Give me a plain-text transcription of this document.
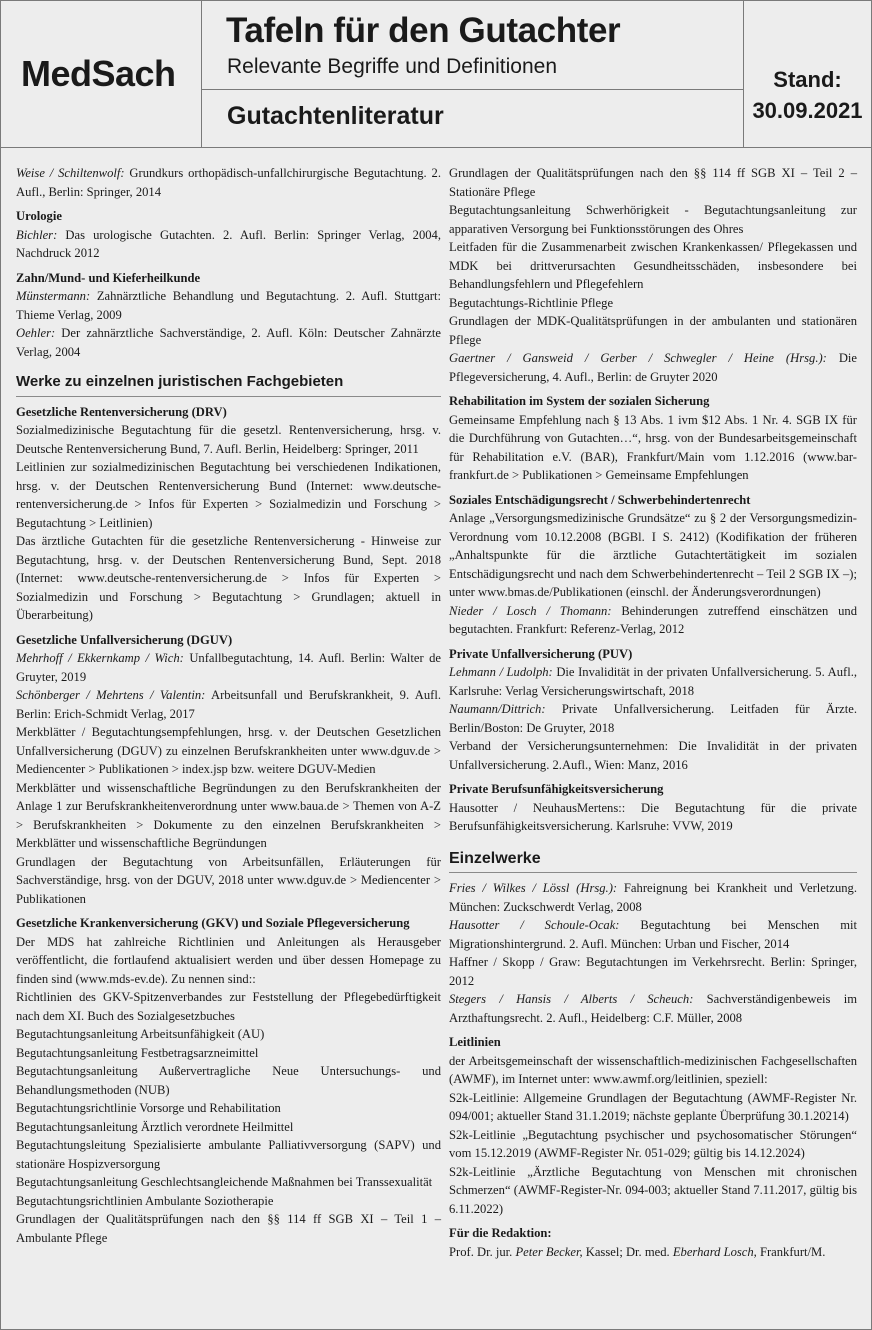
MedSach
Tafeln für den Gutachter
Relevante Begriffe und Definitionen
Gutachtenliteratur
Stand:
30.09.2021

Weise / Schiltenwolf: Grundkurs orthopädisch-unfallchirurgische Begutachtung. 2. Aufl., Berlin: Springer, 2014

Urologie

Bichler: Das urologische Gutachten. 2. Aufl. Berlin: Springer Verlag, 2004, Nachdruck 2012

Zahn/Mund- und Kieferheilkunde

Münstermann: Zahnärztliche Behandlung und Begutachtung. 2. Aufl. Stuttgart: Thieme Verlag, 2009

Oehler: Der zahnärztliche Sachverständige, 2. Aufl. Köln: Deutscher Zahnärzte Verlag, 2004

Werke zu einzelnen juristischen Fachgebieten

Gesetzliche Rentenversicherung (DRV)

Sozialmedizinische Begutachtung für die gesetzl. Rentenversicherung, hrsg. v. Deutsche Rentenversicherung Bund, 7. Aufl. Berlin, Heidelberg: Springer, 2011

Leitlinien zur sozialmedizinischen Begutachtung bei verschiedenen Indikationen, hrsg. v. der Deutschen Rentenversicherung Bund (Internet: www.deutsche-rentenversicherung.de > Infos für Experten > Sozialmedizin und Forschung > Begutachtung > Leitlinien)

Das ärztliche Gutachten für die gesetzliche Rentenversicherung - Hinweise zur Begutachtung, hrsg. v. der Deutschen Rentenversicherung Bund, Sept. 2018 (Internet: www.deutsche-rentenversicherung.de > Infos für Experten > Sozialmedizin und Forschung > Begutachtung > Grundlagen; aktuell in Überarbeitung)

Gesetzliche Unfallversicherung (DGUV)

Mehrhoff / Ekkernkamp / Wich: Unfallbegutachtung, 14. Aufl. Berlin: Walter de Gruyter, 2019

Schönberger / Mehrtens / Valentin: Arbeitsunfall und Berufskrankheit, 9. Aufl. Berlin: Erich-Schmidt Verlag, 2017

Merkblätter / Begutachtungsempfehlungen, hrsg. v. der Deutschen Gesetzlichen Unfallversicherung (DGUV) zu einzelnen Berufskrankheiten unter www.dguv.de > Mediencenter > Publikationen > index.jsp bzw. weitere DGUV-Medien

Merkblätter und wissenschaftliche Begründungen zu den Berufskrankheiten der Anlage 1 zur Berufskrankheitenverordnung unter www.baua.de > Themen von A-Z > Berufskrankheiten > Dokumente zu den einzelnen Berufskrankheiten > Merkblätter und wissenschaftliche Begründungen

Grundlagen der Begutachtung von Arbeitsunfällen, Erläuterungen für Sachverständige, hrsg. von der DGUV, 2018 unter www.dguv.de > Mediencenter > Publikationen

Gesetzliche Krankenversicherung (GKV) und Soziale Pflegeversicherung

Der MDS hat zahlreiche Richtlinien und Anleitungen als Herausgeber veröffentlicht, die fortlaufend aktualisiert werden und über dessen Homepage zu finden sind (www.mds-ev.de). Zu nennen sind::

Richtlinien des GKV-Spitzenverbandes zur Feststellung der Pflegebedürftigkeit nach dem XI. Buch des Sozialgesetzbuches

Begutachtungsanleitung Arbeitsunfähigkeit (AU)

Begutachtungsanleitung Festbetragsarzneimittel

Begutachtungsanleitung Außervertragliche Neue Untersuchungs- und Behandlungsmethoden (NUB)

Begutachtungsrichtlinie Vorsorge und Rehabilitation

Begutachtungsanleitung Ärztlich verordnete Heilmittel

Begutachtungsleitung Spezialisierte ambulante Palliativversorgung (SAPV) und stationäre Hospizversorgung

Begutachtungsanleitung Geschlechtsangleichende Maßnahmen bei Transsexualität

Begutachtungsrichtlinien Ambulante Soziotherapie

Grundlagen der Qualitätsprüfungen nach den §§ 114 ff SGB XI – Teil 1 – Ambulante Pflege

Grundlagen der Qualitätsprüfungen nach den §§ 114 ff SGB XI – Teil 2 – Stationäre Pflege

Begutachtungsanleitung Schwerhörigkeit - Begutachtungsanleitung zur apparativen Versorgung bei Funktionsstörungen des Ohres

Leitfaden für die Zusammenarbeit zwischen Krankenkassen/ Pflegekassen und MDK bei drittverursachten Gesundheitsschäden, insbesondere bei Behandlungsfehlern und Pflegefehlern

Begutachtungs-Richtlinie Pflege

Grundlagen der MDK-Qualitätsprüfungen in der ambulanten und stationären Pflege

Gaertner / Gansweid / Gerber / Schwegler / Heine (Hrsg.): Die Pflegeversicherung, 4. Aufl., Berlin: de Gruyter 2020

Rehabilitation im System der sozialen Sicherung

Gemeinsame Empfehlung nach § 13 Abs. 1 ivm $12 Abs. 1 Nr. 4. SGB IX für die Durchführung von Gutachten…“, hrsg. von der Bundesarbeitsgemeinschaft für Rehabilitation e.V. (BAR), Frankfurt/Main vom 1.12.2016 (www.bar-frankfurt.de > Publikationen > Gemeinsame Empfehlungen

Soziales Entschädigungsrecht / Schwerbehindertenrecht

Anlage „Versorgungsmedizinische Grundsätze“ zu § 2 der Versorgungsmedizin-Verordnung vom 10.12.2008 (BGBl. I S. 2412) (Kodifikation der früheren „Anhaltspunkte für die ärztliche Gutachtertätigkeit im sozialen Entschädigungsrecht und nach dem Schwerbehindertenrecht – Teil 2 SGB IX –); unter www.bmas.de/Publikationen (einschl. der Änderungsverordnungen)

Nieder / Losch / Thomann: Behinderungen zutreffend einschätzen und begutachten. Frankfurt: Referenz-Verlag, 2012

Private Unfallversicherung (PUV)

Lehmann / Ludolph: Die Invalidität in der privaten Unfallversicherung. 5. Aufl., Karlsruhe: Verlag Versicherungswirtschaft, 2018

Naumann/Dittrich: Private Unfallversicherung. Leitfaden für Ärzte. Berlin/Boston: De Gruyter, 2018

Verband der Versicherungsunternehmen: Die Invalidität in der privaten Unfallversicherung. 2.Aufl., Wien: Manz, 2016

Private Berufsunfähigkeitsversicherung

Hausotter / NeuhausMertens:: Die Begutachtung für die private Berufsunfähigkeitsversicherung. Karlsruhe: VVW, 2019

Einzelwerke

Fries / Wilkes / Lössl (Hrsg.): Fahreignung bei Krankheit und Verletzung. München: Zuckschwerdt Verlag, 2008

Hausotter / Schoule-Ocak: Begutachtung bei Menschen mit Migrationshintergrund. 2. Aufl. München: Urban und Fischer, 2014

Haffner / Skopp / Graw: Begutachtungen im Verkehrsrecht. Berlin: Springer, 2012

Stegers / Hansis / Alberts / Scheuch: Sachverständigenbeweis im Arzthaftungsrecht. 2. Aufl., Heidelberg: C.F. Müller, 2008

Leitlinien

der Arbeitsgemeinschaft der wissenschaftlich-medizinischen Fachgesellschaften (AWMF), im Internet unter: www.awmf.org/leitlinien, speziell:

S2k-Leitlinie: Allgemeine Grundlagen der Begutachtung (AWMF-Register Nr. 094/001; aktueller Stand 31.1.2019; nächste geplante Überprüfung 30.1.20214)

S2k-Leitlinie „Begutachtung psychischer und psychosomatischer Störungen“ vom 15.12.2019 (AWMF-Register Nr. 051-029; gültig bis 14.12.2024)

S2k-Leitlinie „Ärztliche Begutachtung von Menschen mit chronischen Schmerzen“ (AWMF-Register-Nr. 094-003; aktueller Stand 7.11.2017, gültig bis 6.11.2022)

Für die Redaktion:

Prof. Dr. jur. Peter Becker, Kassel; Dr. med. Eberhard Losch, Frankfurt/M.
